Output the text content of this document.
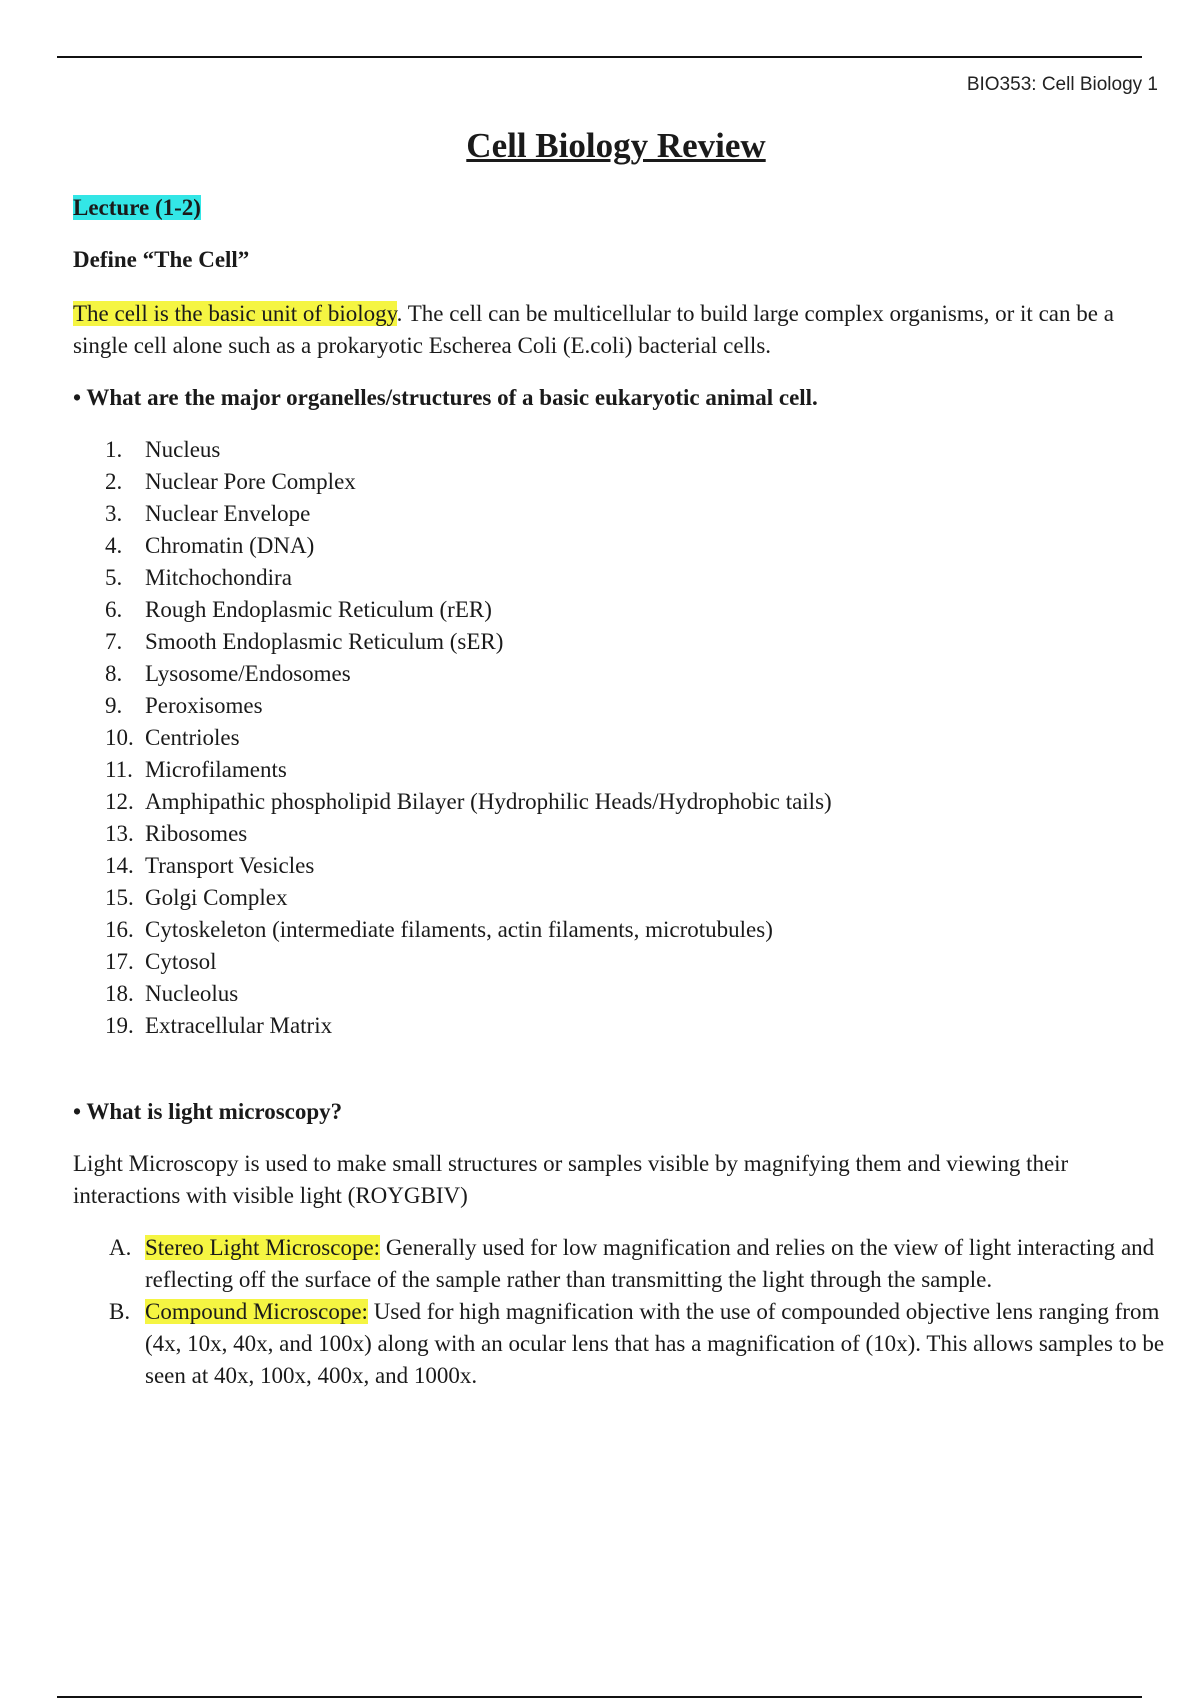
BIO353: Cell Biology 1
Cell Biology Review

Lecture (1-2)

Define “The Cell”

The cell is the basic unit of biology. The cell can be multicellular to build large complex organisms, or it can be a single cell alone such as a prokaryotic Escherea Coli (E.coli) bacterial cells.

• What are the major organelles/structures of a basic eukaryotic animal cell.

1. Nucleus
2. Nuclear Pore Complex
3. Nuclear Envelope
4. Chromatin (DNA)
5. Mitchochondira
6. Rough Endoplasmic Reticulum (rER)
7. Smooth Endoplasmic Reticulum (sER)
8. Lysosome/Endosomes
9. Peroxisomes
10. Centrioles
11. Microfilaments
12. Amphipathic phospholipid Bilayer (Hydrophilic Heads/Hydrophobic tails)
13. Ribosomes
14. Transport Vesicles
15. Golgi Complex
16. Cytoskeleton (intermediate filaments, actin filaments, microtubules)
17. Cytosol
18. Nucleolus
19. Extracellular Matrix

• What is light microscopy?

Light Microscopy is used to make small structures or samples visible by magnifying them and viewing their interactions with visible light (ROYGBIV)

A. Stereo Light Microscope: Generally used for low magnification and relies on the view of light interacting and reflecting off the surface of the sample rather than transmitting the light through the sample.
B. Compound Microscope: Used for high magnification with the use of compounded objective lens ranging from (4x, 10x, 40x, and 100x) along with an ocular lens that has a magnification of (10x). This allows samples to be seen at 40x, 100x, 400x, and 1000x.
